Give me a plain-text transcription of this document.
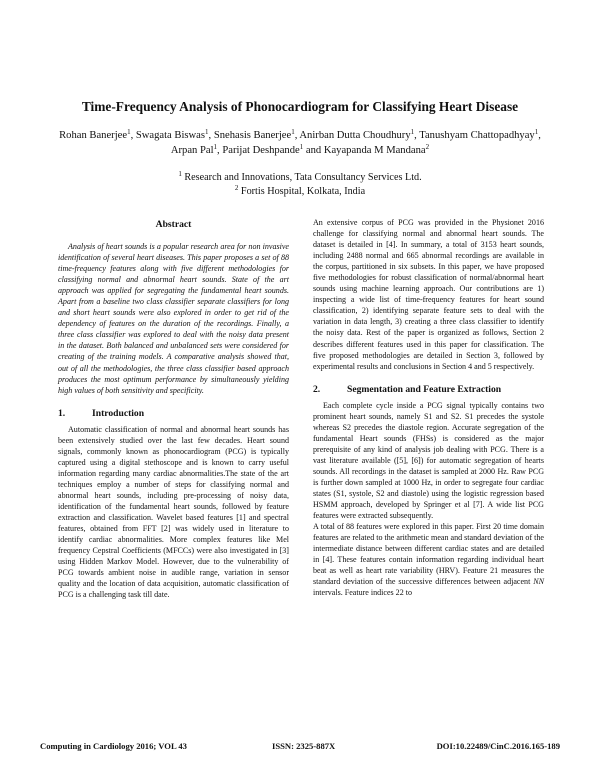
Time-Frequency Analysis of Phonocardiogram for Classifying Heart Disease
Rohan Banerjee$^1$, Swagata Biswas$^1$, Snehasis Banerjee$^1$, Anirban Dutta Choudhury$^1$, Tanushyam Chattopadhyay$^1$, Arpan Pal$^1$, Parijat Deshpande$^1$ and Kayapanda M Mandana$^2$
$^1$ Research and Innovations, Tata Consultancy Services Ltd.
$^2$ Fortis Hospital, Kolkata, India
Abstract

Analysis of heart sounds is a popular research area for non invasive identification of several heart diseases. This paper proposes a set of 88 time-frequency features along with five different methodologies for classifying normal and abnormal heart sounds. State of the art approach was applied for segregating the fundamental heart sounds. Apart from a baseline two class classifier separate classifiers for long and short heart sounds were also explored in order to get rid of the dependency of features on the duration of the recordings. Finally, a three class classifier was explored to deal with the noisy data present in the dataset. Both balanced and unbalanced sets were considered for creating of the training models. A comparative analysis showed that, out of all the methodologies, the three class classifier based approach produces the most optimum performance by simultaneously yielding high values of both sensitivity and specificity.

1.	Introduction

Automatic classification of normal and abnormal heart sounds has been extensively studied over the last few decades. Heart sound signals, commonly known as phonocardiogram (PCG) is typically captured using a digital stethoscope and is known to carry useful information regarding many cardiac abnormalities.The state of the art techniques employ a number of steps for classifying normal and abnormal heart sounds, including pre-processing of noisy data, identification of the fundamental heart sounds, followed by feature extraction and classification. Wavelet based features [1] and spectral features, obtained from FFT [2] was widely used in literature to identify cardiac abnormalities. More complex features like Mel frequency Cepstral Coefficients (MFCCs) were also investigated in [3] using Hidden Markov Model. However, due to the vulnerability of PCG towards ambient noise in audible range, variation in sensor quality and the location of data acquisition, automatic classification of PCG is a challenging task till date.

An extensive corpus of PCG was provided in the Physionet 2016 challenge for classifying normal and abnormal heart sounds. The dataset is detailed in [4]. In summary, a total of 3153 heart sounds, including 2488 normal and 665 abnormal recordings are available in the corpus, partitioned in six subsets. In this paper, we have proposed five methodologies for robust classification of normal/abnormal heart sounds using machine learning approach. Our contributions are 1) inspecting a wide list of time-frequency features for heart sound classification, 2) identifying separate feature sets to deal with the variation in data length, 3) creating a three class classifier to identify the noisy data. Rest of the paper is organized as follows, Section 2 describes different features used in this paper for classification. The five proposed methodologies are detailed in Section 3, followed by experimental results and conclusions in Section 4 and 5 respectively.

2.	Segmentation and Feature Extraction

Each complete cycle inside a PCG signal typically contains two prominent heart sounds, namely S1 and S2. S1 precedes the systole whereas S2 precedes the diastole region. Accurate segregation of the fundamental Heart sounds (FHSs) is considered as the major prerequisite of any kind of analysis job dealing with PCG. There is a vast literature available ([5], [6]) for automatic segregation of hearts sounds. All recordings in the dataset is sampled at 2000 Hz. Raw PCG is further down sampled at 1000 Hz, in order to segregate four cardiac states (S1, systole, S2 and diastole) using the logistic regression based HSMM approach, developed by Springer et al [7]. A wide list PCG features were extracted subsequently.

A total of 88 features were explored in this paper. First 20 time domain features are related to the arithmetic mean and standard deviation of the intermediate distance between different cardiac states and are detailed in [4]. These features contain information regarding individual heart beat as well as heart rate variability (HRV). Feature 21 measures the standard deviation of the successive differences between adjacent NN intervals. Feature indices 22 to

Computing in Cardiology 2016; VOL 43	ISSN: 2325-887X	DOI:10.22489/CinC.2016.165-189
